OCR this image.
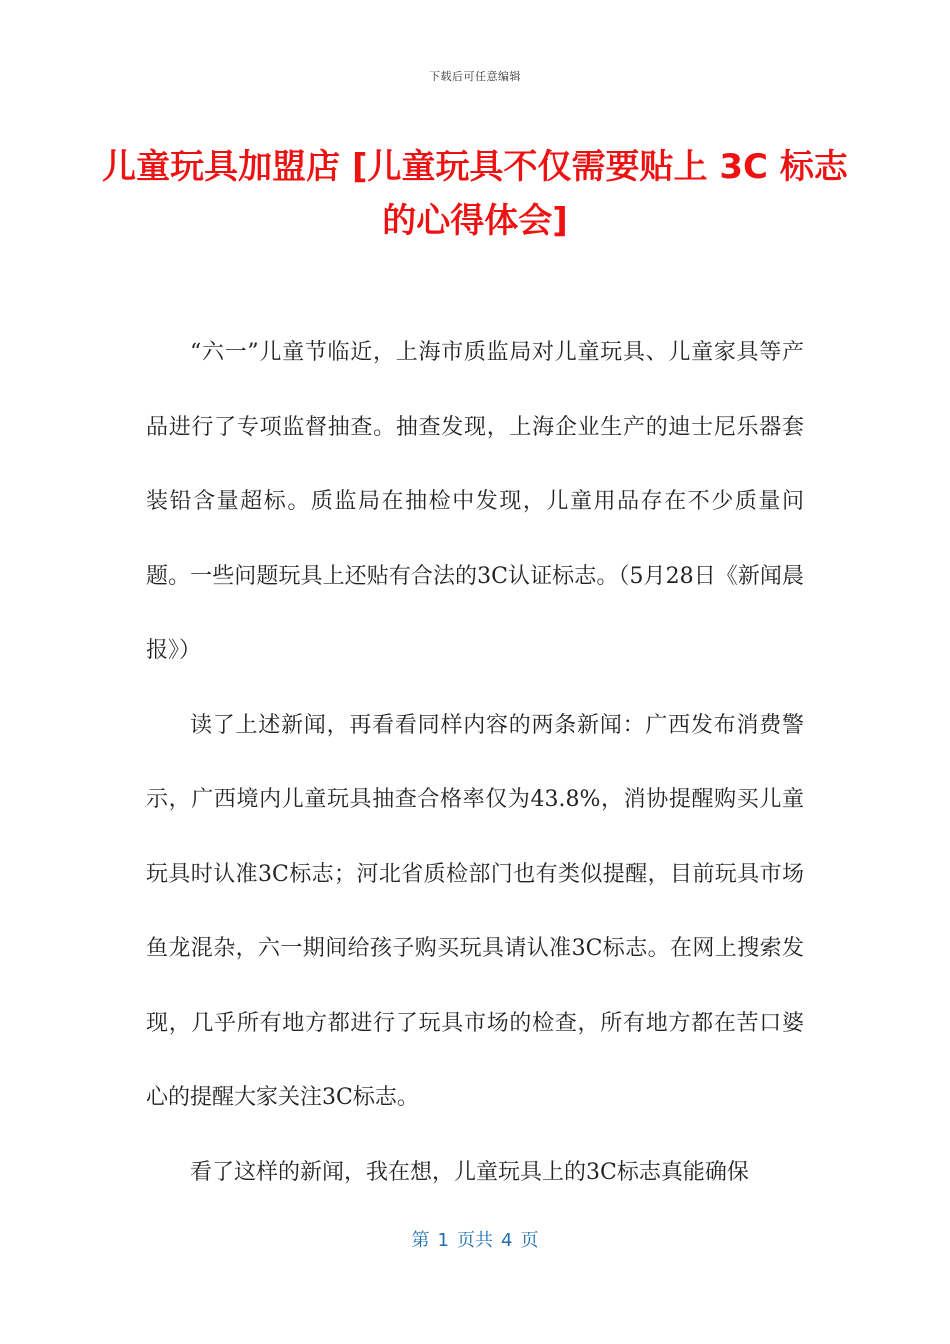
下载后可任意编辑
儿童玩具加盟店 [儿童玩具不仅需要贴上 3C 标志的心得体会]

“六一”儿童节临近，上海市质监局对儿童玩具、儿童家具等产品进行了专项监督抽查。抽查发现，上海企业生产的迪士尼乐器套装铅含量超标。质监局在抽检中发现，儿童用品存在不少质量问题。一些问题玩具上还贴有合法的3C认证标志。（5月28日《新闻晨报》）

读了上述新闻，再看看同样内容的两条新闻：广西发布消费警示，广西境内儿童玩具抽查合格率仅为43.8%，消协提醒购买儿童玩具时认准3C标志；河北省质检部门也有类似提醒，目前玩具市场鱼龙混杂，六一期间给孩子购买玩具请认准3C标志。在网上搜索发现，几乎所有地方都进行了玩具市场的检查，所有地方都在苦口婆心的提醒大家关注3C标志。

看了这样的新闻，我在想，儿童玩具上的3C标志真能确保

第 1 页共 4 页
